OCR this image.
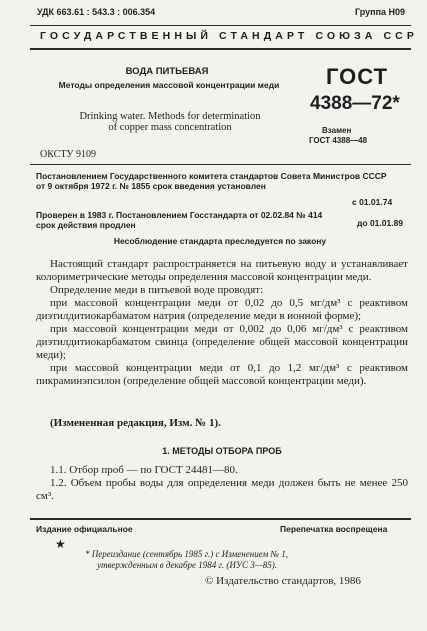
УДК 663.61 : 543.3 : 006.354	Группа Н09
ГОСУДАРСТВЕННЫЙ СТАНДАРТ СОЮЗА ССР
ВОДА ПИТЬЕВАЯ
Методы определения массовой концентрации меди
Drinking water. Methods for determination
of copper mass concentration
ГОСТ
4388—72*
Взамен
ГОСТ 4388—48
ОКСТУ 9109
Постановлением Государственного комитета стандартов Совета Министров СССР
от 9 октября 1972 г. № 1855 срок введения установлен
с 01.01.74
Проверен в 1983 г. Постановлением Госстандарта от 02.02.84 № 414
срок действия продлен	до 01.01.89
Несоблюдение стандарта преследуется по закону

Настоящий стандарт распространяется на питьевую воду и устанавливает колориметрические методы определения массовой концентрации меди.

Определение меди в питьевой воде проводят:

при массовой концентрации меди от 0,02 до 0,5 мг/дм³ с реактивом диэтилдитиокарбаматом натрия (определение меди в ионной форме);

при массовой концентрации меди от 0,002 до 0,06 мг/дм³ с реактивом диэтилдитиокарбаматом свинца (определение общей массовой концентрации меди);

при массовой концентрации меди от 0,1 до 1,2 мг/дм³ с реактивом пикраминэпсилон (определение общей массовой концентрации меди).

(Измененная редакция, Изм. № 1).
1. МЕТОДЫ ОТБОРА ПРОБ

1.1. Отбор проб — по ГОСТ 24481—80.

1.2. Объем пробы воды для определения меди должен быть не менее 250 см³.

Издание официальное	Перепечатка воспрещена
★
* Переиздание (сентябрь 1985 г.) с Изменением № 1,
утвержденным в декабре 1984 г. (ИУС 3—85).
© Издательство стандартов, 1986
